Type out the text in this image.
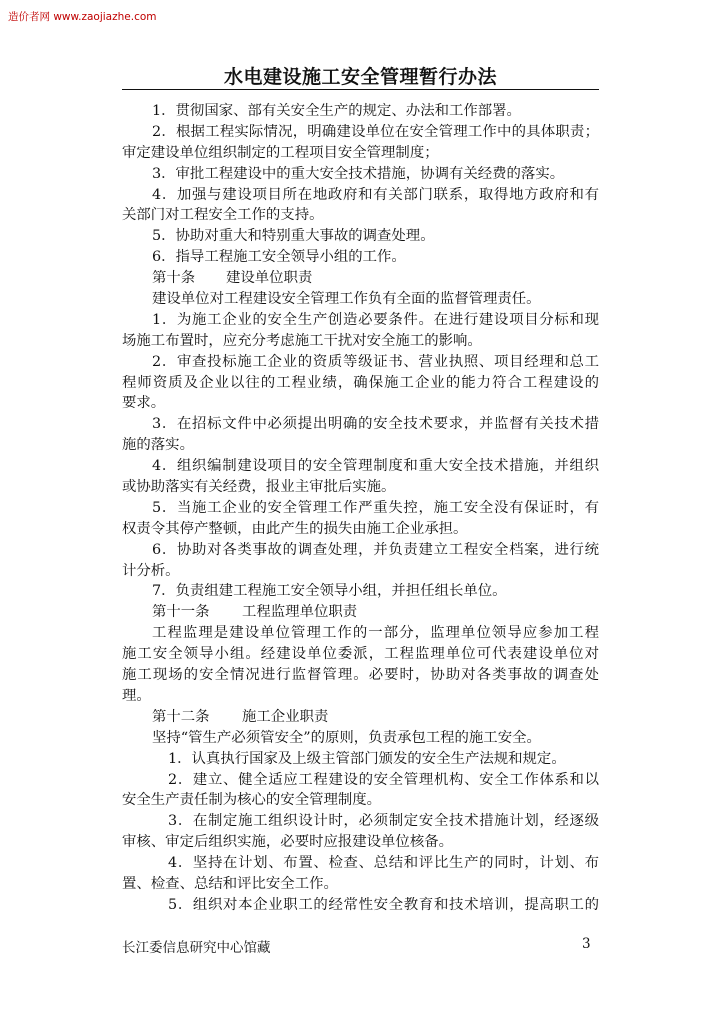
造价者网 www.zaojiazhe.com
水电建设施工安全管理暂行办法
1．贯彻国家、部有关安全生产的规定、办法和工作部署。
2．根据工程实际情况，明确建设单位在安全管理工作中的具体职责；
审定建设单位组织制定的工程项目安全管理制度；
3．审批工程建设中的重大安全技术措施，协调有关经费的落实。
4．加强与建设项目所在地政府和有关部门联系，取得地方政府和有
关部门对工程安全工作的支持。
5．协助对重大和特别重大事故的调查处理。
6．指导工程施工安全领导小组的工作。
第十条 建设单位职责
建设单位对工程建设安全管理工作负有全面的监督管理责任。
1．为施工企业的安全生产创造必要条件。在进行建设项目分标和现
场施工布置时，应充分考虑施工干扰对安全施工的影响。
2．审查投标施工企业的资质等级证书、营业执照、项目经理和总工
程师资质及企业以往的工程业绩，确保施工企业的能力符合工程建设的
要求。
3．在招标文件中必须提出明确的安全技术要求，并监督有关技术措
施的落实。
4．组织编制建设项目的安全管理制度和重大安全技术措施，并组织
或协助落实有关经费，报业主审批后实施。
5．当施工企业的安全管理工作严重失控，施工安全没有保证时，有
权责令其停产整顿，由此产生的损失由施工企业承担。
6．协助对各类事故的调查处理，并负责建立工程安全档案，进行统
计分析。
7．负责组建工程施工安全领导小组，并担任组长单位。
第十一条 工程监理单位职责
工程监理是建设单位管理工作的一部分，监理单位领导应参加工程
施工安全领导小组。经建设单位委派，工程监理单位可代表建设单位对
施工现场的安全情况进行监督管理。必要时，协助对各类事故的调查处
理。
第十二条 施工企业职责
坚持“管生产必须管安全”的原则，负责承包工程的施工安全。
1．认真执行国家及上级主管部门颁发的安全生产法规和规定。
2．建立、健全适应工程建设的安全管理机构、安全工作体系和以
安全生产责任制为核心的安全管理制度。
3．在制定施工组织设计时，必须制定安全技术措施计划，经逐级
审核、审定后组织实施，必要时应报建设单位核备。
4．坚持在计划、布置、检查、总结和评比生产的同时，计划、布
置、检查、总结和评比安全工作。
5．组织对本企业职工的经常性安全教育和技术培训，提高职工的
长江委信息研究中心馆藏	3
